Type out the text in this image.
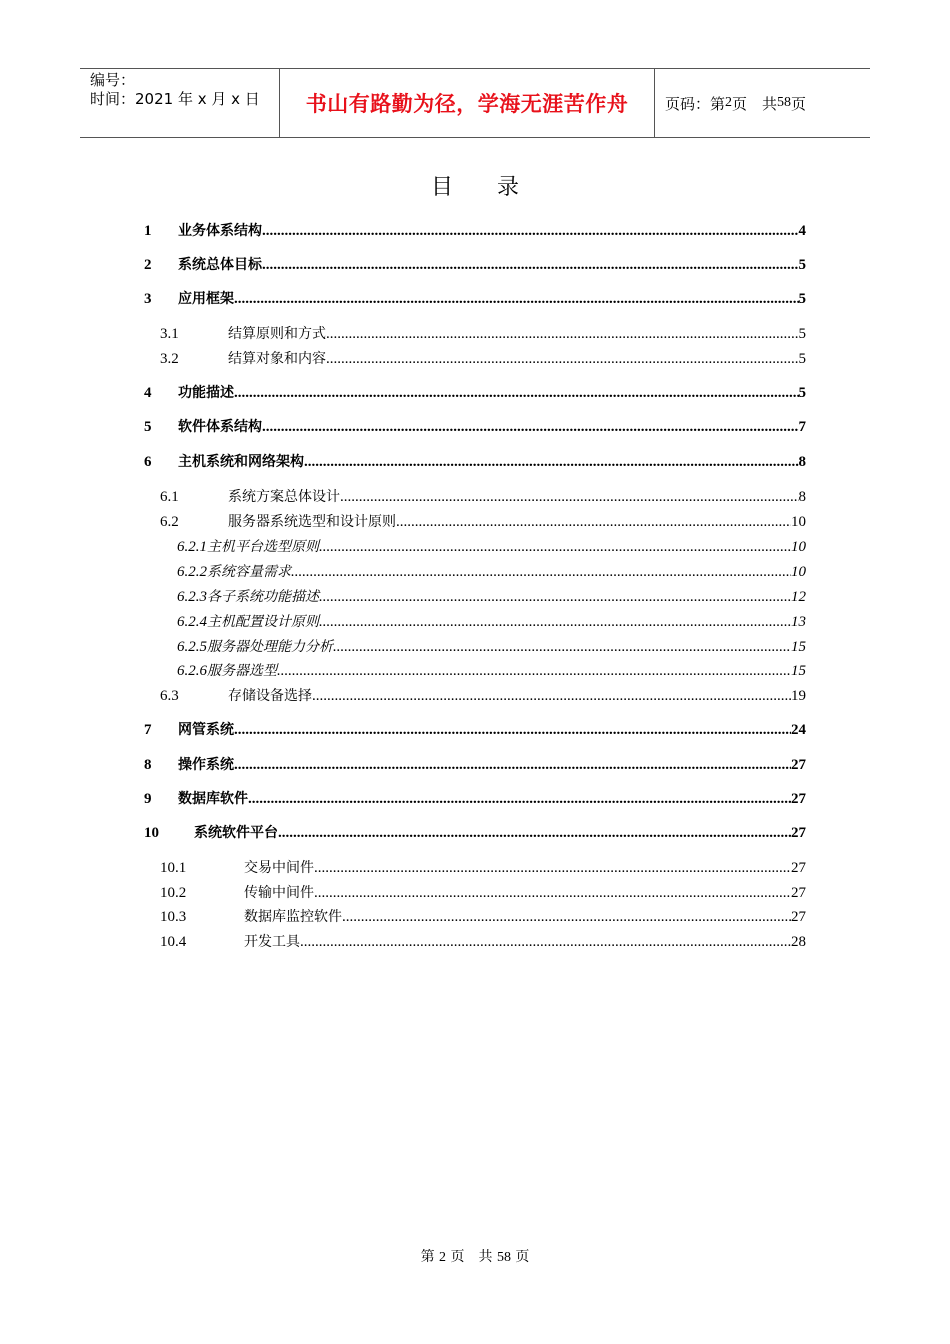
编号：
时间：2021 年 x 月 x 日	书山有路勤为径，学海无涯苦作舟	页码：第 2 页　共 58 页
目录
1	业务体系结构 .....	4
2	系统总体目标 .....	5
3	应用框架 .....	5
3.1	结算原则和方式 .....	5
3.2	结算对象和内容 .....	5
4	功能描述 .....	5
5	软件体系结构 .....	7
6	主机系统和网络架构 .....	8
6.1	系统方案总体设计 .....	8
6.2	服务器系统选型和设计原则 .....	10
6.2.1 主机平台选型原则 .....	10
6.2.2 系统容量需求 .....	10
6.2.3 各子系统功能描述 .....	12
6.2.4 主机配置设计原则 .....	13
6.2.5 服务器处理能力分析 .....	15
6.2.6 服务器选型 .....	15
6.3	存储设备选择 .....	19
7	网管系统 .....	24
8	操作系统 .....	27
9	数据库软件 .....	27
10	系统软件平台 .....	27
10.1	交易中间件 .....	27
10.2	传输中间件 .....	27
10.3	数据库监控软件 .....	27
10.4	开发工具 .....	28
第 2 页　共 58 页
